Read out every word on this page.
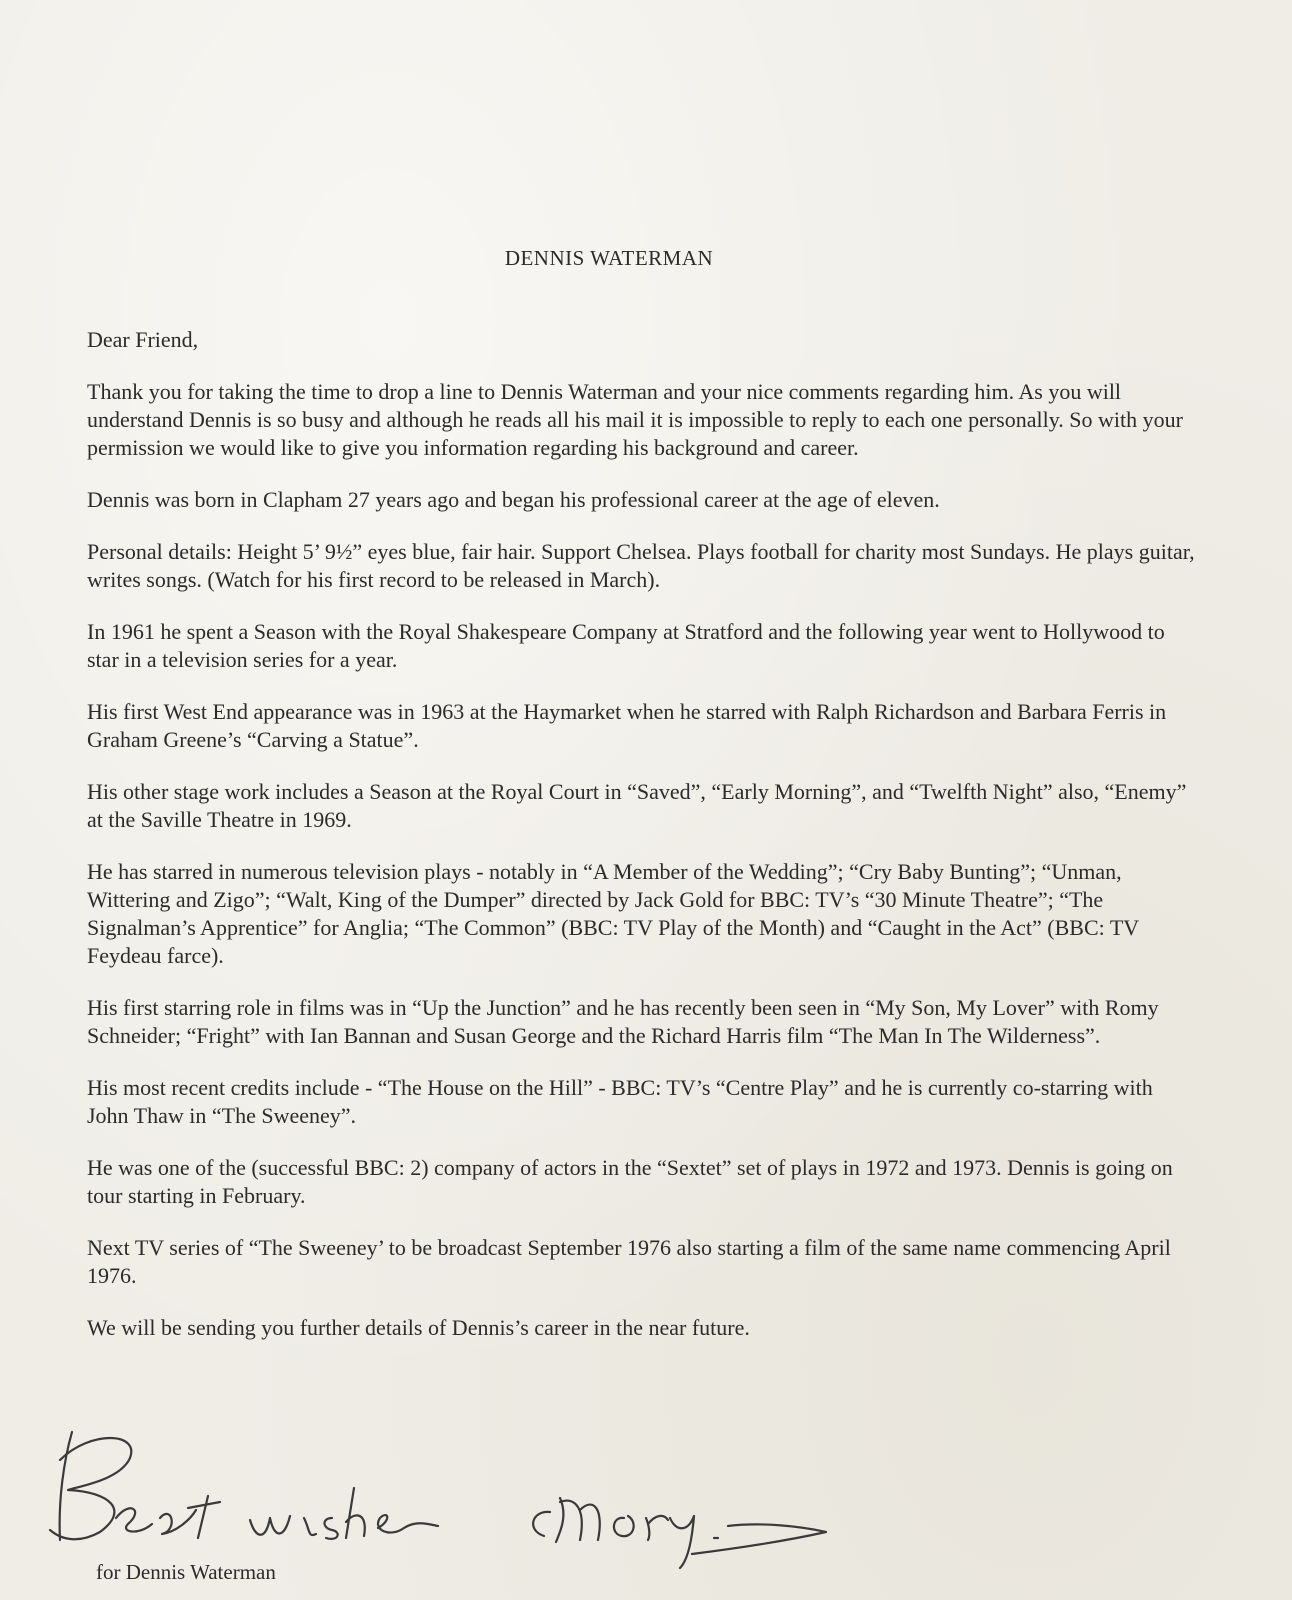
DENNIS WATERMAN

Dear Friend,

Thank you for taking the time to drop a line to Dennis Waterman and your nice comments regarding him. As you will understand Dennis is so busy and although he reads all his mail it is impossible to reply to each one personally. So with your permission we would like to give you information regarding his background and career.

Dennis was born in Clapham 27 years ago and began his professional career at the age of eleven.

Personal details: Height 5’ 9½” eyes blue, fair hair. Support Chelsea. Plays football for charity most Sundays. He plays guitar, writes songs. (Watch for his first record to be released in March).

In 1961 he spent a Season with the Royal Shakespeare Company at Stratford and the following year went to Hollywood to star in a television series for a year.

His first West End appearance was in 1963 at the Haymarket when he starred with Ralph Richardson and Barbara Ferris in Graham Greene’s “Carving a Statue”.

His other stage work includes a Season at the Royal Court in “Saved”, “Early Morning”, and “Twelfth Night” also, “Enemy” at the Saville Theatre in 1969.

He has starred in numerous television plays - notably in “A Member of the Wedding”; “Cry Baby Bunting”; “Unman, Wittering and Zigo”; “Walt, King of the Dumper” directed by Jack Gold for BBC: TV’s “30 Minute Theatre”; “The Signalman’s Apprentice” for Anglia; “The Common” (BBC: TV Play of the Month) and “Caught in the Act” (BBC: TV Feydeau farce).

His first starring role in films was in “Up the Junction” and he has recently been seen in “My Son, My Lover” with Romy Schneider; “Fright” with Ian Bannan and Susan George and the Richard Harris film “The Man In The Wilderness”.

His most recent credits include - “The House on the Hill” - BBC: TV’s “Centre Play” and he is currently co-starring with John Thaw in “The Sweeney”.

He was one of the (successful BBC: 2) company of actors in the “Sextet” set of plays in 1972 and 1973. Dennis is going on tour starting in February.

Next TV series of “The Sweeney’ to be broadcast September 1976 also starting a film of the same name commencing April 1976.

We will be sending you further details of Dennis’s career in the near future.

for Dennis Waterman
